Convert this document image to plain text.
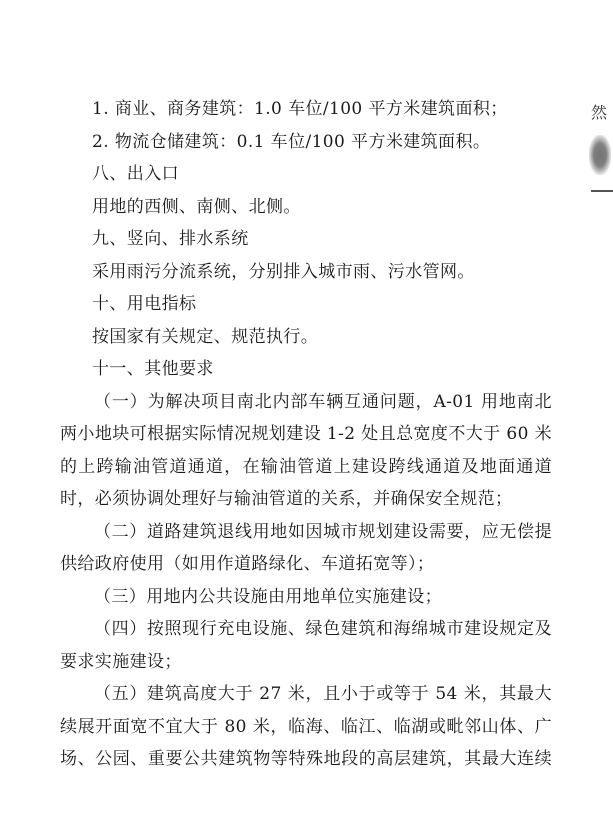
1. 商业、商务建筑：1.0 车位/100 平方米建筑面积；
2. 物流仓储建筑：0.1 车位/100 平方米建筑面积。
八、出入口
用地的西侧、南侧、北侧。
九、竖向、排水系统
采用雨污分流系统，分别排入城市雨、污水管网。
十、用电指标
按国家有关规定、规范执行。
十一、其他要求
（一）为解决项目南北内部车辆互通问题，A-01 用地南北
两小地块可根据实际情况规划建设 1-2 处且总宽度不大于 60 米
的上跨输油管道通道，在输油管道上建设跨线通道及地面通道
时，必须协调处理好与输油管道的关系，并确保安全规范；
（二）道路建筑退线用地如因城市规划建设需要，应无偿提
供给政府使用（如用作道路绿化、车道拓宽等）；
（三）用地内公共设施由用地单位实施建设；
（四）按照现行充电设施、绿色建筑和海绵城市建设规定及
要求实施建设；
（五）建筑高度大于 27 米，且小于或等于 54 米，其最大
续展开面宽不宜大于 80 米，临海、临江、临湖或毗邻山体、广
场、公园、重要公共建筑物等特殊地段的高层建筑，其最大连续
然
